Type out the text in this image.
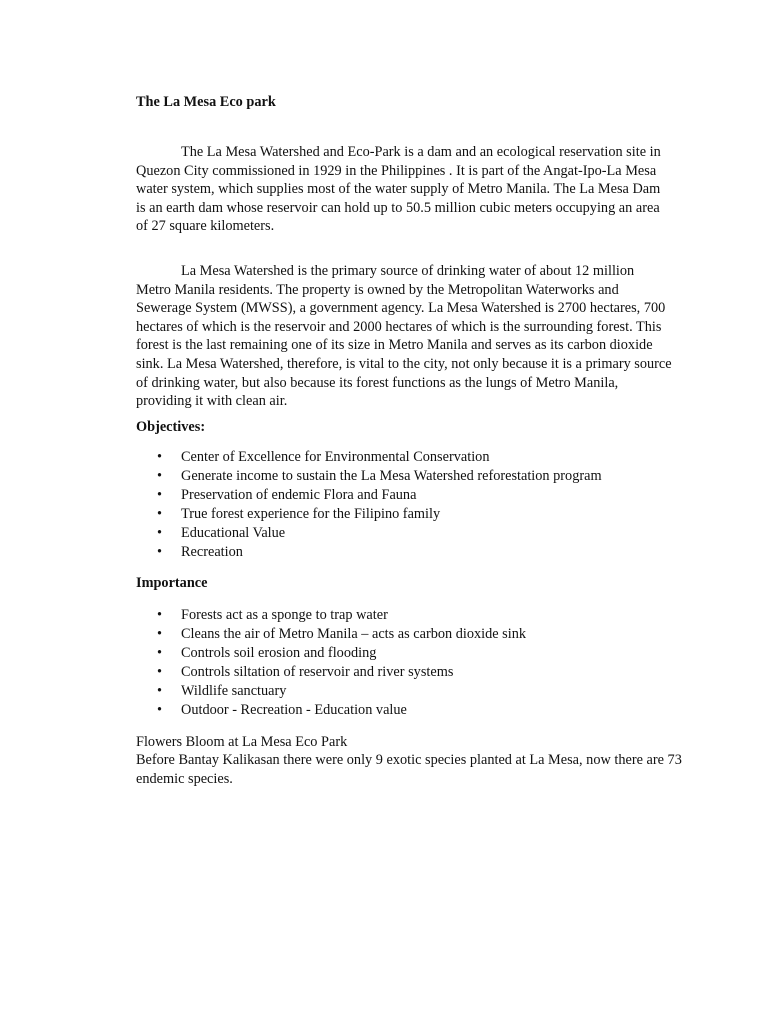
The La Mesa Eco park

The La Mesa Watershed and Eco-Park is a dam and an ecological reservation site in Quezon City commissioned in 1929 in the Philippines . It is part of the Angat-Ipo-La Mesa water system, which supplies most of the water supply of Metro Manila. The La Mesa Dam is an earth dam whose reservoir can hold up to 50.5 million cubic meters occupying an area of 27 square kilometers.

La Mesa Watershed is the primary source of drinking water of about 12 million Metro Manila residents. The property is owned by the Metropolitan Waterworks and Sewerage System (MWSS), a government agency. La Mesa Watershed is 2700 hectares, 700 hectares of which is the reservoir and 2000 hectares of which is the surrounding forest. This forest is the last remaining one of its size in Metro Manila and serves as its carbon dioxide sink. La Mesa Watershed, therefore, is vital to the city, not only because it is a primary source of drinking water, but also because its forest functions as the lungs of Metro Manila, providing it with clean air.

Objectives:

• Center of Excellence for Environmental Conservation
• Generate income to sustain the La Mesa Watershed reforestation program
• Preservation of endemic Flora and Fauna
• True forest experience for the Filipino family
• Educational Value
• Recreation

Importance

• Forests act as a sponge to trap water
• Cleans the air of Metro Manila – acts as carbon dioxide sink
• Controls soil erosion and flooding
• Controls siltation of reservoir and river systems
• Wildlife sanctuary
• Outdoor - Recreation - Education value

Flowers Bloom at La Mesa Eco Park

Before Bantay Kalikasan there were only 9 exotic species planted at La Mesa, now there are 73 endemic species.
